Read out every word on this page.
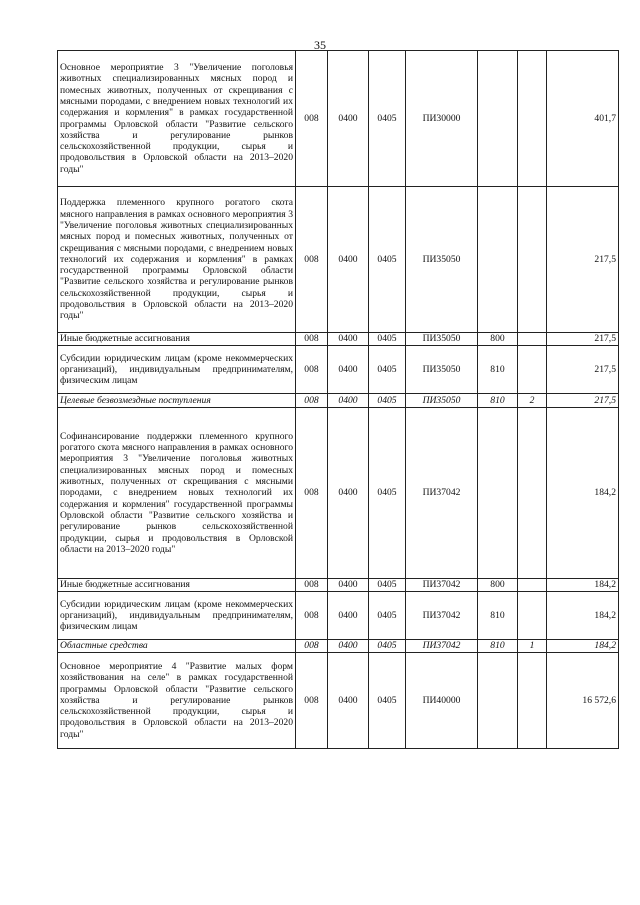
35
Основное мероприятие 3 "Увеличение поголовья животных специализированных мясных пород и помесных животных, полученных от скрещивания с мясными породами, с внедрением новых технологий их содержания и кормления" в рамках государственной программы Орловской области "Развитие сельского хозяйства и регулирование рынков сельскохозяйственной продукции, сырья и продовольствия в Орловской области на 2013–2020 годы"	008	0400	0405	ПИ30000			401,7
Поддержка племенного крупного рогатого скота мясного направления в рамках основного мероприятия 3 "Увеличение поголовья животных специализированных мясных пород и помесных животных, полученных от скрещивания с мясными породами, с внедрением новых технологий их содержания и кормления" в рамках государственной программы Орловской области "Развитие сельского хозяйства и регулирование рынков сельскохозяйственной продукции, сырья и продовольствия в Орловской области на 2013–2020 годы"	008	0400	0405	ПИ35050			217,5
Иные бюджетные ассигнования	008	0400	0405	ПИ35050	800		217,5
Субсидии юридическим лицам (кроме некоммерческих организаций), индивидуальным предпринимателям, физическим лицам	008	0400	0405	ПИ35050	810		217,5
Целевые безвозмездные поступления	008	0400	0405	ПИ35050	810	2	217,5
Софинансирование поддержки племенного крупного рогатого скота мясного направления в рамках основного мероприятия 3 "Увеличение поголовья животных специализированных мясных пород и помесных животных, полученных от скрещивания с мясными породами, с внедрением новых технологий их содержания и кормления" государственной программы Орловской области "Развитие сельского хозяйства и регулирование рынков сельскохозяйственной продукции, сырья и продовольствия в Орловской области на 2013–2020 годы"	008	0400	0405	ПИ37042			184,2
Иные бюджетные ассигнования	008	0400	0405	ПИ37042	800		184,2
Субсидии юридическим лицам (кроме некоммерческих организаций), индивидуальным предпринимателям, физическим лицам	008	0400	0405	ПИ37042	810		184,2
Областные средства	008	0400	0405	ПИ37042	810	1	184,2
Основное мероприятие 4 "Развитие малых форм хозяйствования на селе" в рамках государственной программы Орловской области "Развитие сельского хозяйства и регулирование рынков сельскохозяйственной продукции, сырья и продовольствия в Орловской области на 2013–2020 годы"	008	0400	0405	ПИ40000			16 572,6
